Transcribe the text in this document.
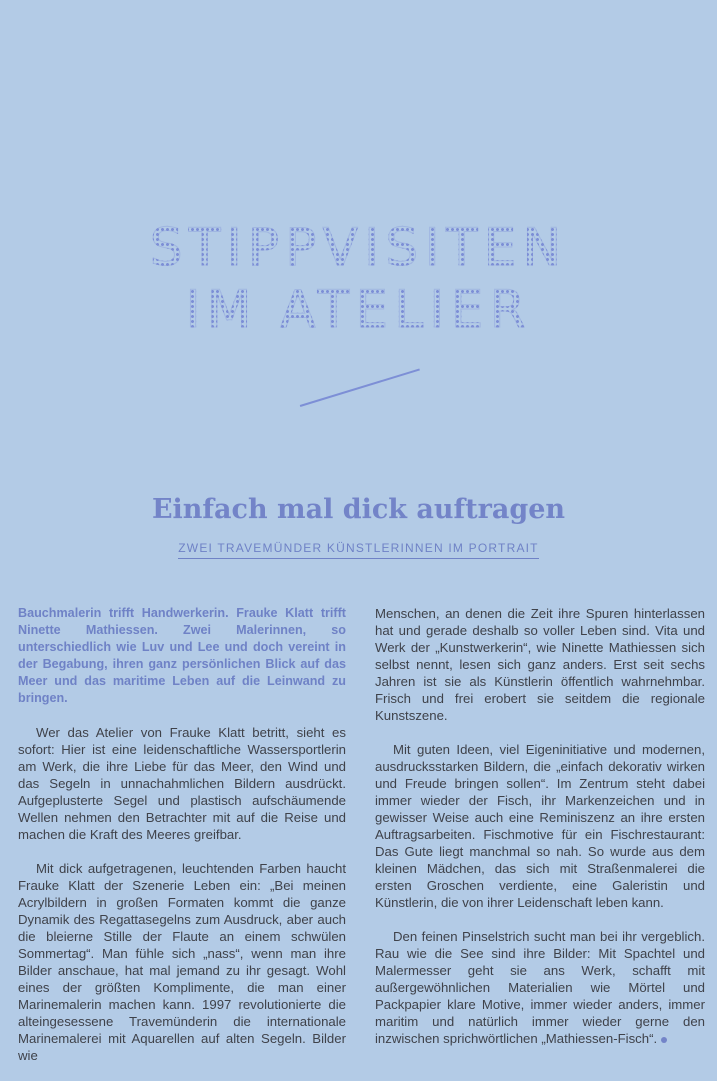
STIPPVISITEN
IM ATELIER
Einfach mal dick auftragen
ZWEI TRAVEMÜNDER KÜNSTLERINNEN IM PORTRAIT

Bauchmalerin trifft Handwerkerin. Frauke Klatt trifft Ninette Mathiessen. Zwei Malerinnen, so unterschiedlich wie Luv und Lee und doch vereint in der Begabung, ihren ganz persönlichen Blick auf das Meer und das maritime Leben auf die Leinwand zu bringen.

Wer das Atelier von Frauke Klatt betritt, sieht es sofort: Hier ist eine leidenschaftliche Wassersportlerin am Werk, die ihre Liebe für das Meer, den Wind und das Segeln in unnachahmlichen Bildern ausdrückt. Aufgeplusterte Segel und plastisch aufschäumende Wellen nehmen den Betrachter mit auf die Reise und machen die Kraft des Meeres greifbar.

Mit dick aufgetragenen, leuchtenden Farben haucht Frauke Klatt der Szenerie Leben ein: „Bei meinen Acrylbildern in großen Formaten kommt die ganze Dynamik des Regattasegelns zum Ausdruck, aber auch die bleierne Stille der Flaute an einem schwülen Sommertag“. Man fühle sich „nass“, wenn man ihre Bilder anschaue, hat mal jemand zu ihr gesagt. Wohl eines der größten Komplimente, die man einer Marinemalerin machen kann. 1997 revolutionierte die alteingesessene Travemünderin die internationale Marinemalerei mit Aquarellen auf alten Segeln. Bilder wie

Menschen, an denen die Zeit ihre Spuren hinterlassen hat und gerade deshalb so voller Leben sind. Vita und Werk der „Kunstwerkerin“, wie Ninette Mathiessen sich selbst nennt, lesen sich ganz anders. Erst seit sechs Jahren ist sie als Künstlerin öffentlich wahrnehmbar. Frisch und frei erobert sie seitdem die regionale Kunstszene.

Mit guten Ideen, viel Eigeninitiative und modernen, ausdrucksstarken Bildern, die „einfach dekorativ wirken und Freude bringen sollen“. Im Zentrum steht dabei immer wieder der Fisch, ihr Markenzeichen und in gewisser Weise auch eine Reminiszenz an ihre ersten Auftragsarbeiten. Fischmotive für ein Fischrestaurant: Das Gute liegt manchmal so nah. So wurde aus dem kleinen Mädchen, das sich mit Straßenmalerei die ersten Groschen verdiente, eine Galeristin und Künstlerin, die von ihrer Leidenschaft leben kann.

Den feinen Pinselstrich sucht man bei ihr vergeblich. Rau wie die See sind ihre Bilder: Mit Spachtel und Malermesser geht sie ans Werk, schafft mit außergewöhnlichen Materialien wie Mörtel und Packpapier klare Motive, immer wieder anders, immer maritim und natürlich immer wieder gerne den inzwischen sprichwörtlichen „Mathiessen-Fisch“.
